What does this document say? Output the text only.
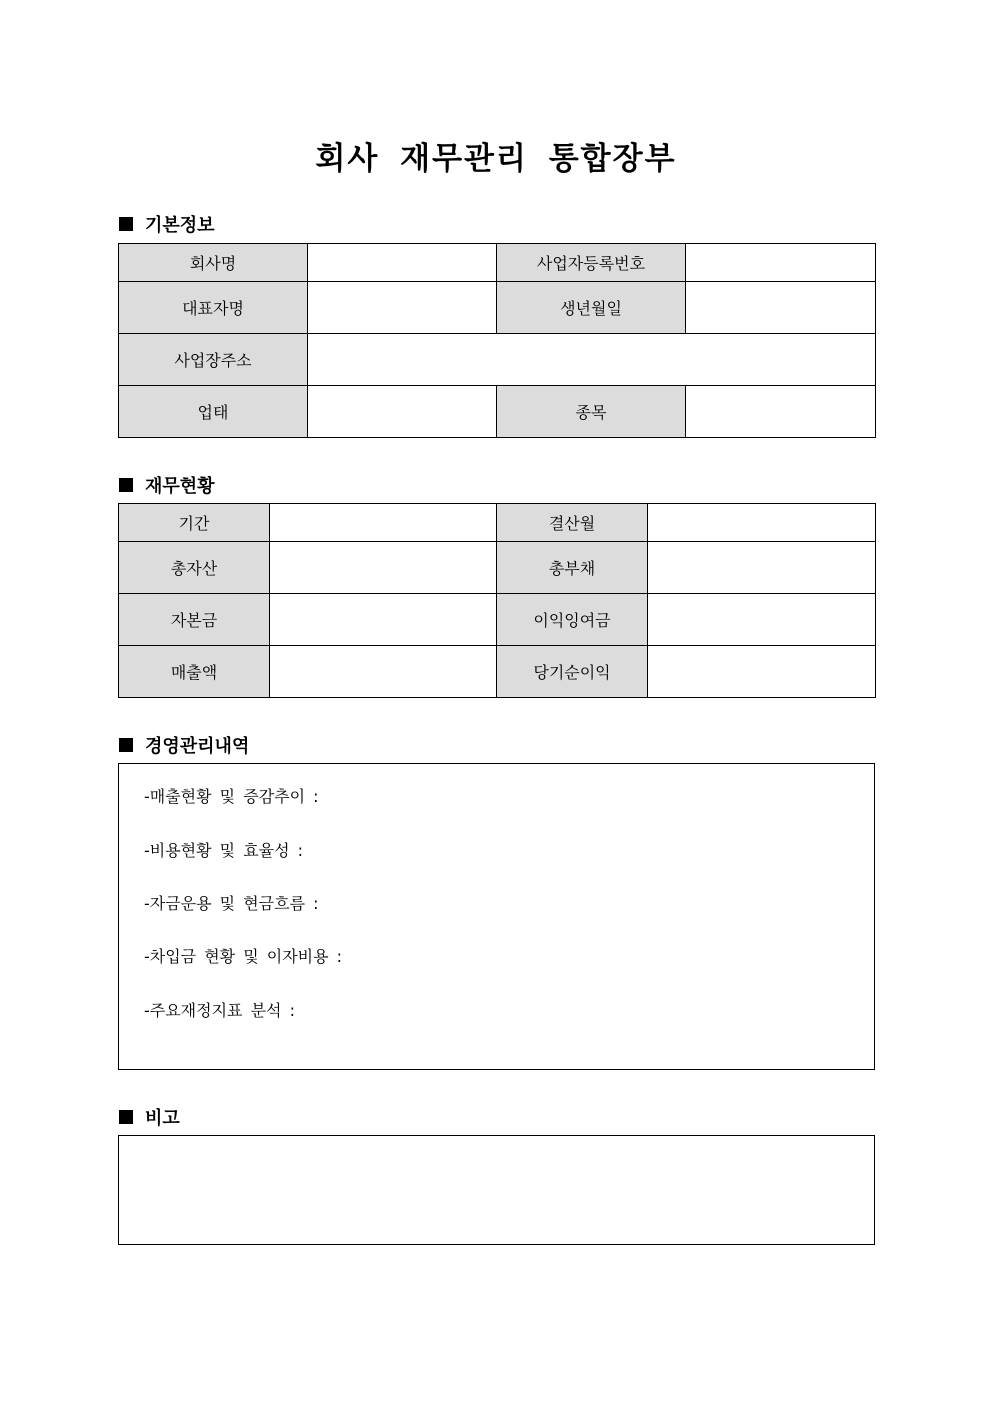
회사 재무관리 통합장부
기본정보
회사명		사업자등록번호	
대표자명		생년월일	
사업장주소			
업태		종목	
재무현황
기간		결산월	
총자산		총부채	
자본금		이익잉여금	
매출액		당기순이익	
경영관리내역
-매출현황 및 증감추이 :
-비용현황 및 효율성 :
-자금운용 및 현금흐름 :
-차입금 현황 및 이자비용 :
-주요재정지표 분석 :
비고
